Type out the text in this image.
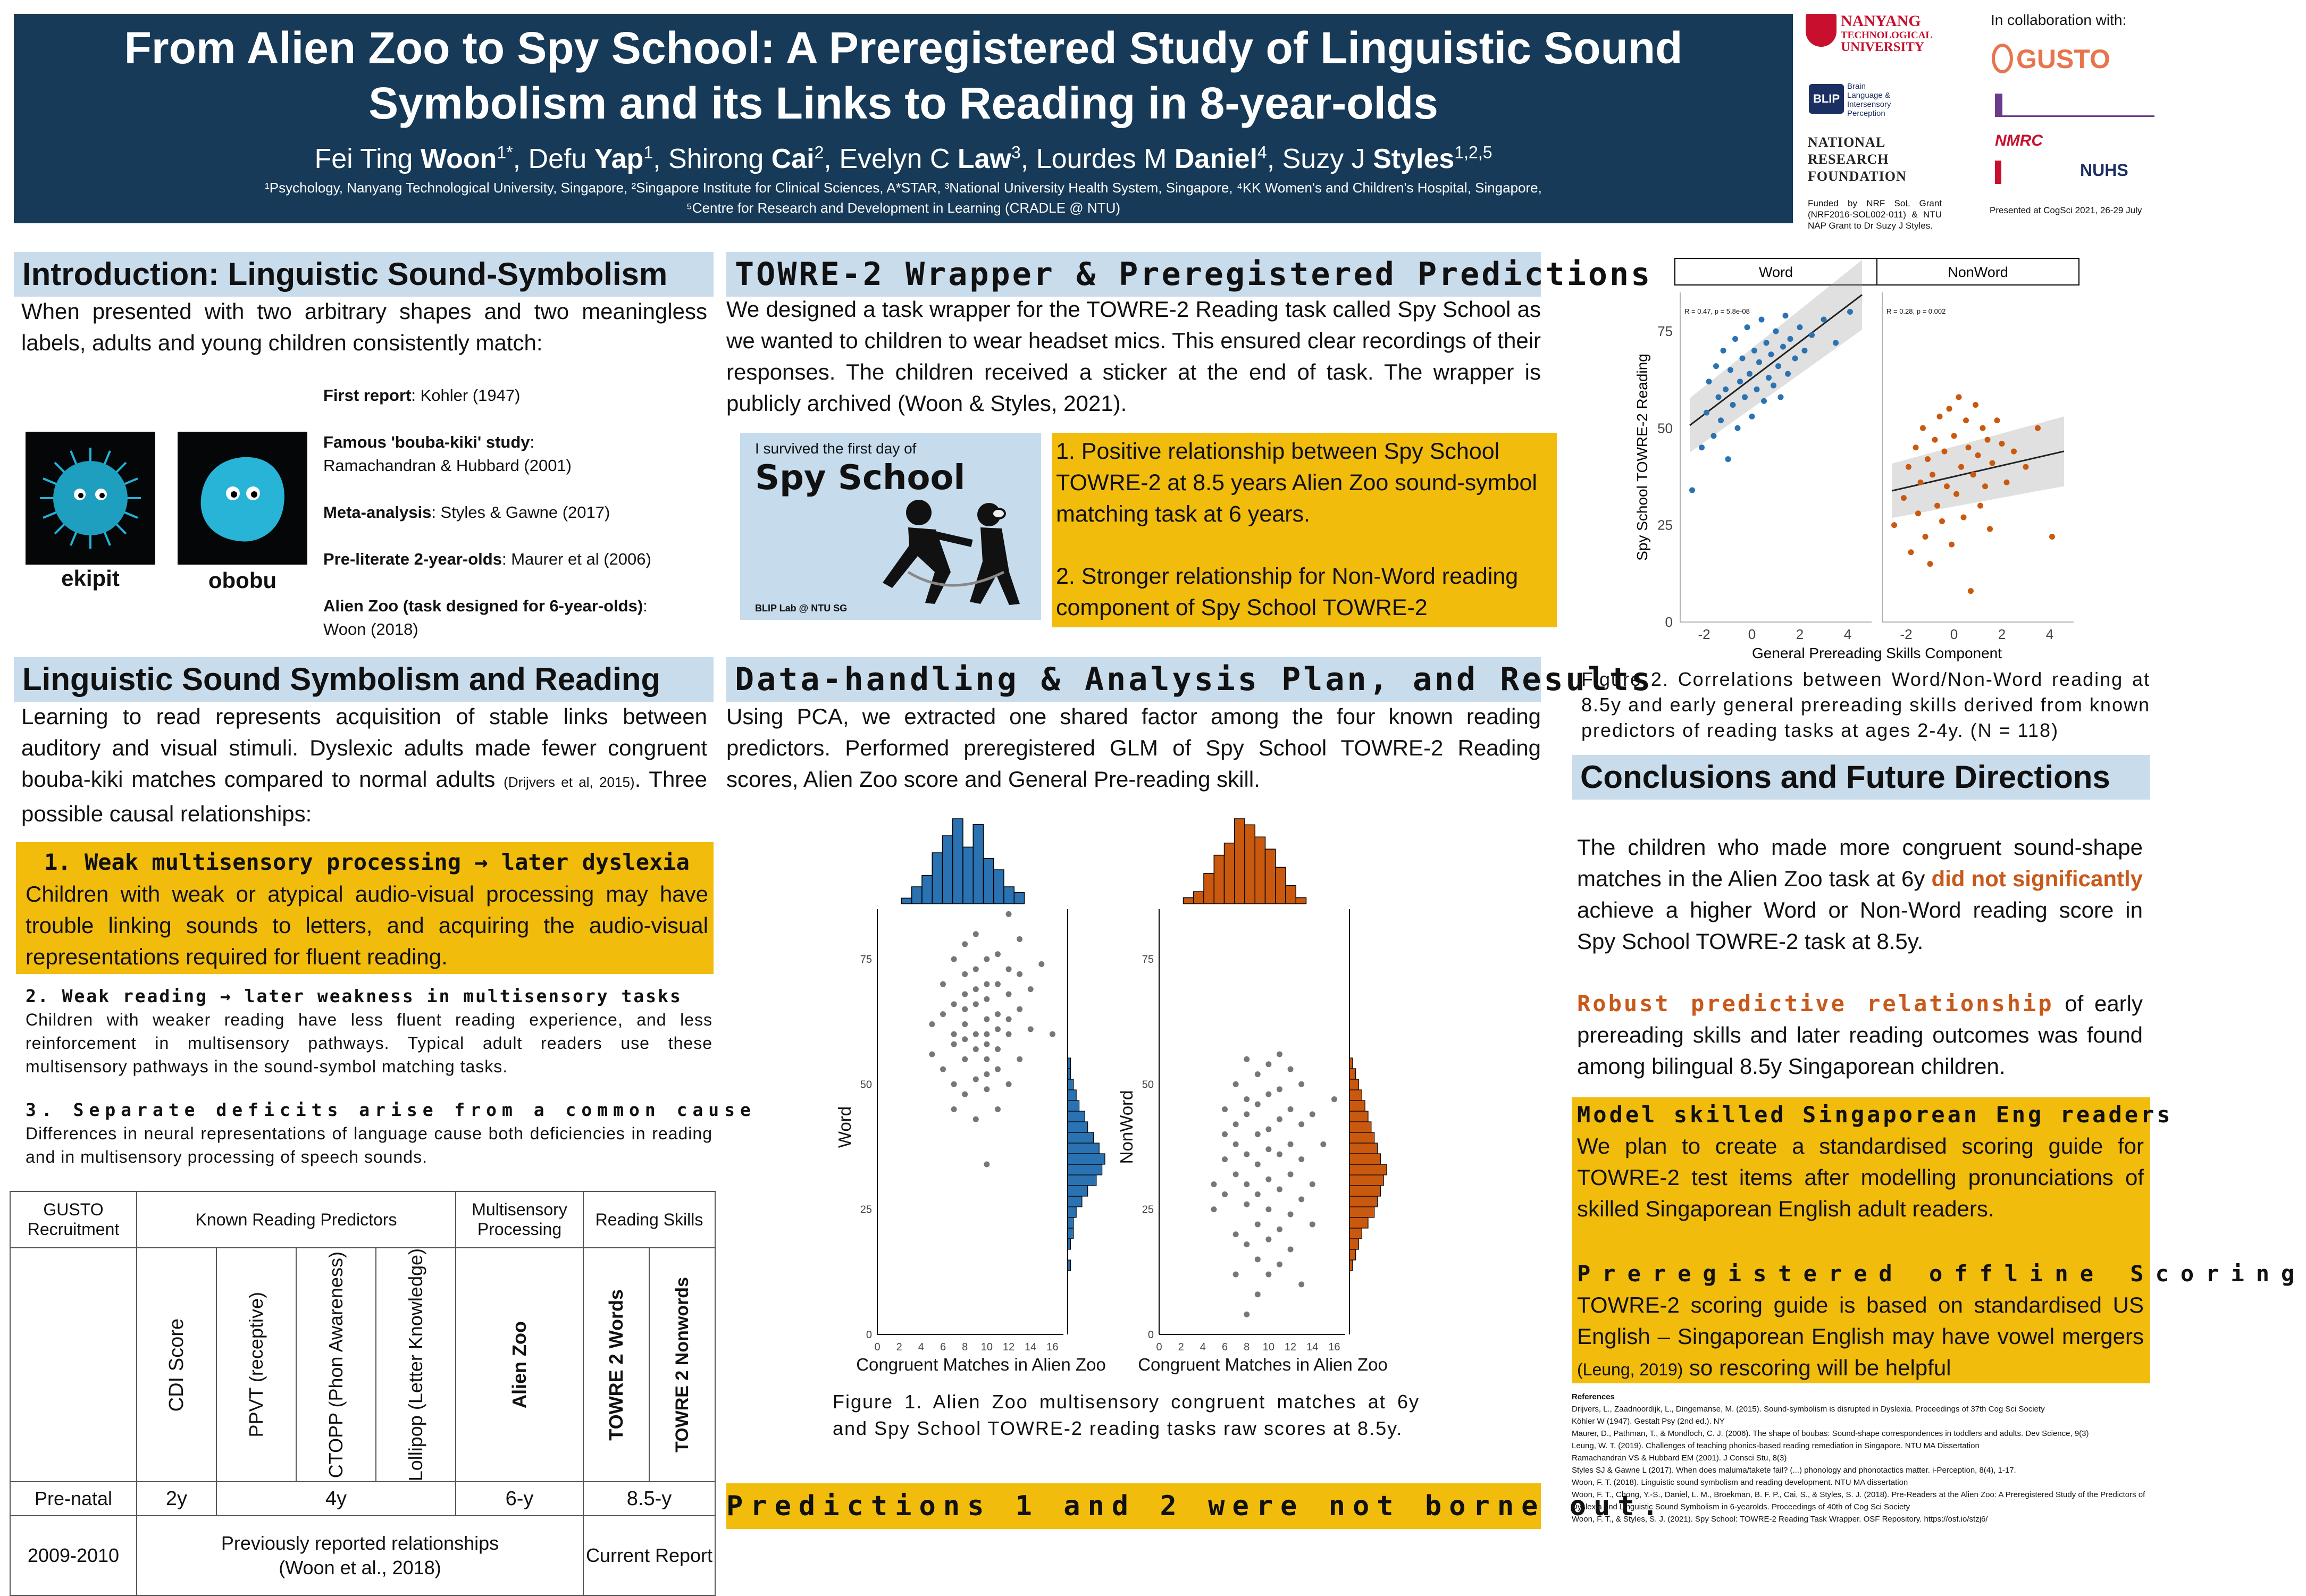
From Alien Zoo to Spy School: A Preregistered Study of Linguistic Sound
Symbolism and its Links to Reading in 8-year-olds
Fei Ting Woon$^{1*}$, Defu Yap$^1$, Shirong Cai$^2$, Evelyn C Law$^3$, Lourdes M Daniel$^4$, Suzy J Styles$^{1,2,5}$
¹Psychology, Nanyang Technological University, Singapore, ²Singapore Institute for Clinical Sciences, A*STAR, ³National University Health System, Singapore, ⁴KK Women's and Children's Hospital, Singapore,
⁵Centre for Research and Development in Learning (CRADLE @ NTU)
NANYANG
TECHNOLOGICAL
UNIVERSITY
BLIP
Brain
Language &
Intersensory
Perception
NATIONAL
RESEARCH
FOUNDATION
Funded by NRF SoL Grant (NRF2016-SOL002-011) & NTU NAP Grant to Dr Suzy J Styles.
In collaboration with:
GUSTO
NMRC
NUHS
Presented at CogSci 2021, 26-29 July
Introduction: Linguistic Sound-Symbolism
When presented with two arbitrary shapes and two meaningless labels, adults and young children consistently match:
ekipit	obobu
First report: Kohler (1947)
Famous 'bouba-kiki' study:
Ramachandran & Hubbard (2001)
Meta-analysis: Styles & Gawne (2017)
Pre-literate 2-year-olds: Maurer et al (2006)
Alien Zoo (task designed for 6-year-olds):
Woon (2018)
Linguistic Sound Symbolism and Reading
Learning to read represents acquisition of stable links between auditory and visual stimuli. Dyslexic adults made fewer congruent bouba-kiki matches compared to normal adults (Drijvers et al, 2015). Three possible causal relationships:
1. Weak multisensory processing → later dyslexia
Children with weak or atypical audio-visual processing may have trouble linking sounds to letters, and acquiring the audio-visual representations required for fluent reading.
2. Weak reading → later weakness in multisensory tasks
Children with weaker reading have less fluent reading experience, and less reinforcement in multisensory pathways. Typical adult readers use these multisensory pathways in the sound-symbol matching tasks.
3. Separate deficits arise from a common cause
Differences in neural representations of language cause both deficiencies in reading and in multisensory processing of speech sounds.
GUSTO Recruitment	Known Reading Predictors				Multisensory Processing	Reading Skills	

	CDI Score	PPVT (receptive)	CTOPP (Phon Awareness)	Lollipop (Letter Knowledge)	Alien Zoo	TOWRE 2 Words	TOWRE 2 Nonwords

Pre-natal	2y	4y			6-y	8.5-y	
2009-2010	Previously reported relationships (Woon et al., 2018)					Current Report	
TOWRE-2 Wrapper & Preregistered Predictions
We designed a task wrapper for the TOWRE-2 Reading task called Spy School as we wanted to children to wear headset mics. This ensured clear recordings of their responses. The children received a sticker at the end of task. The wrapper is publicly archived (Woon & Styles, 2021).
I survived the first day of
Spy School
BLIP Lab @ NTU SG
1. Positive relationship between Spy School TOWRE-2 at 8.5 years Alien Zoo sound-symbol matching task at 6 years.
2. Stronger relationship for Non-Word reading component of Spy School TOWRE-2
Data-handling & Analysis Plan, and Results
Using PCA, we extracted one shared factor among the four known reading predictors. Performed preregistered GLM of Spy School TOWRE-2 Reading scores, Alien Zoo score and General Pre-reading skill.
0
25
50
75
0 2 4 6 8 10 12 14 16
Congruent Matches in Alien Zoo
Word
0
25
50
75
0 2 4 6 8 10 12 14 16
Congruent Matches in Alien Zoo
NonWord
Figure 1. Alien Zoo multisensory congruent matches at 6y and Spy School TOWRE-2 reading tasks raw scores at 8.5y.
Predictions 1 and 2 were not borne out.
Word
0
25
50
75
Spy School TOWRE-2 Reading
-2	0	2	4
R = 0.47, p = 5.8e-08
NonWord
-2	0	2	4
R = 0.28, p = 0.002
General Prereading Skills Component
Figure 2. Correlations between Word/Non-Word reading at 8.5y and early general prereading skills derived from known predictors of reading tasks at ages 2-4y. (N = 118)
Conclusions and Future Directions
The children who made more congruent sound-shape matches in the Alien Zoo task at 6y did not significantly achieve a higher Word or Non-Word reading score in Spy School TOWRE-2 task at 8.5y.
Robust predictive relationship of early prereading skills and later reading outcomes was found among bilingual 8.5y Singaporean children.
Model skilled Singaporean Eng readers
We plan to create a standardised scoring guide for TOWRE-2 test items after modelling pronunciations of skilled Singaporean English adult readers.
Preregistered offline Scoring
TOWRE-2 scoring guide is based on standardised US English – Singaporean English may have vowel mergers (Leung, 2019) so rescoring will be helpful
References
Drijvers, L., Zaadnoordijk, L., Dingemanse, M. (2015). Sound-symbolism is disrupted in Dyslexia. Proceedings of 37th Cog Sci Society
Köhler W (1947). Gestalt Psy (2nd ed.). NY
Maurer, D., Pathman, T., & Mondloch, C. J. (2006). The shape of boubas: Sound-shape correspondences in toddlers and adults. Dev Science, 9(3)
Leung, W. T. (2019). Challenges of teaching phonics-based reading remediation in Singapore. NTU MA Dissertation
Ramachandran VS & Hubbard EM (2001). J Consci Stu, 8(3)
Styles SJ & Gawne L (2017). When does maluma/takete fail? (...) phonology and phonotactics matter. i-Perception, 8(4), 1-17.
Woon, F. T. (2018). Linguistic sound symbolism and reading development. NTU MA dissertation
Woon, F. T., Chong, Y.-S., Daniel, L. M., Broekman, B. F. P., Cai, S., & Styles, S. J. (2018). Pre-Readers at the Alien Zoo: A Preregistered Study of the Predictors of Dyslexia and Linguistic Sound Symbolism in 6-yearolds. Proceedings of 40th of Cog Sci Society
Woon, F. T., & Styles, S. J. (2021). Spy School: TOWRE-2 Reading Task Wrapper. OSF Repository. https://osf.io/stzj6/
